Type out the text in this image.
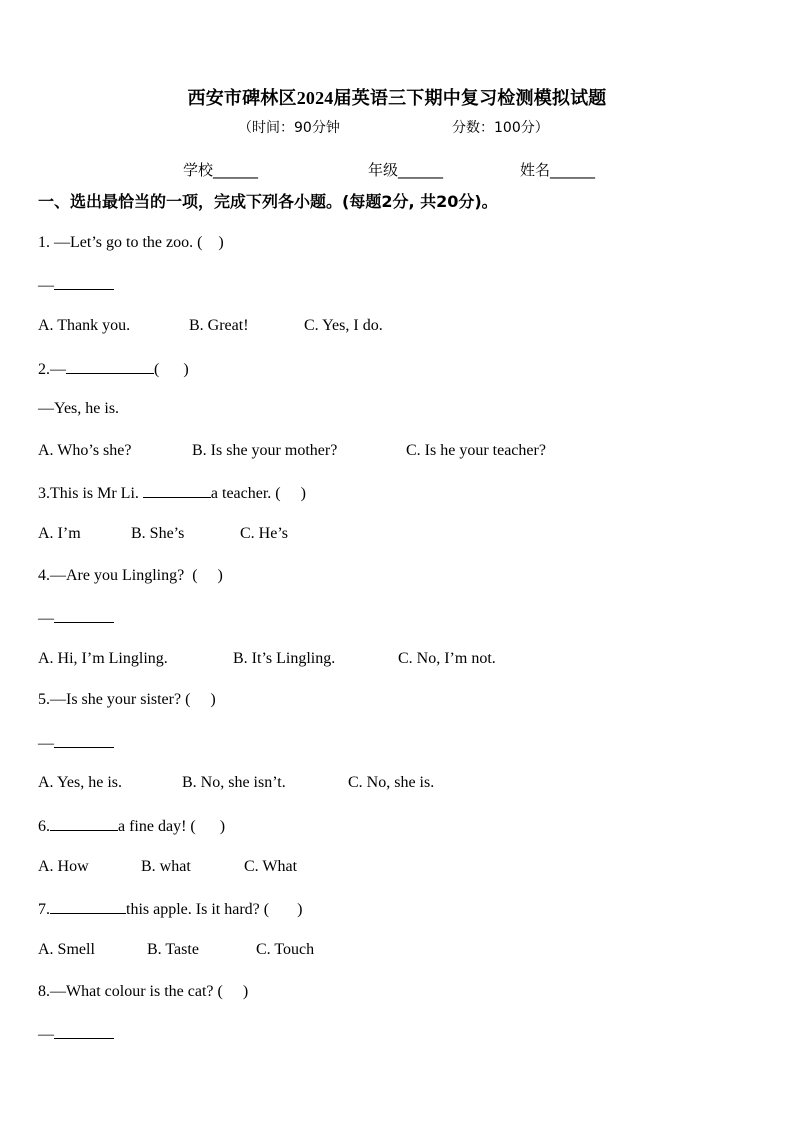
西安市碑林区2024届英语三下期中复习检测模拟试题
（时间：90分钟	分数：100分）
学校______	年级______	姓名______
一、选出最恰当的一项，完成下列各小题。(每题2分, 共20分)。
1. —Let’s go to the zoo. (    )
—
A. Thank you.	B. Great!	C. Yes, I do.
2.—	(      )
—Yes, he is.
A. Who’s she?	B. Is she your mother?	C. Is he your teacher?
3.This is Mr Li.	a teacher. (     )
A. I’m	B. She’s	C. He’s
4.—Are you Lingling?  (     )
—
A. Hi, I’m Lingling.	B. It’s Lingling.	C. No, I’m not.
5.—Is she your sister? (     )
—
A. Yes, he is.	B. No, she isn’t.	C. No, she is.
6.	a fine day! (      )
A. How	B. what	C. What
7.	this apple. Is it hard? (       )
A. Smell	B. Taste	C. Touch
8.—What colour is the cat? (     )
—
